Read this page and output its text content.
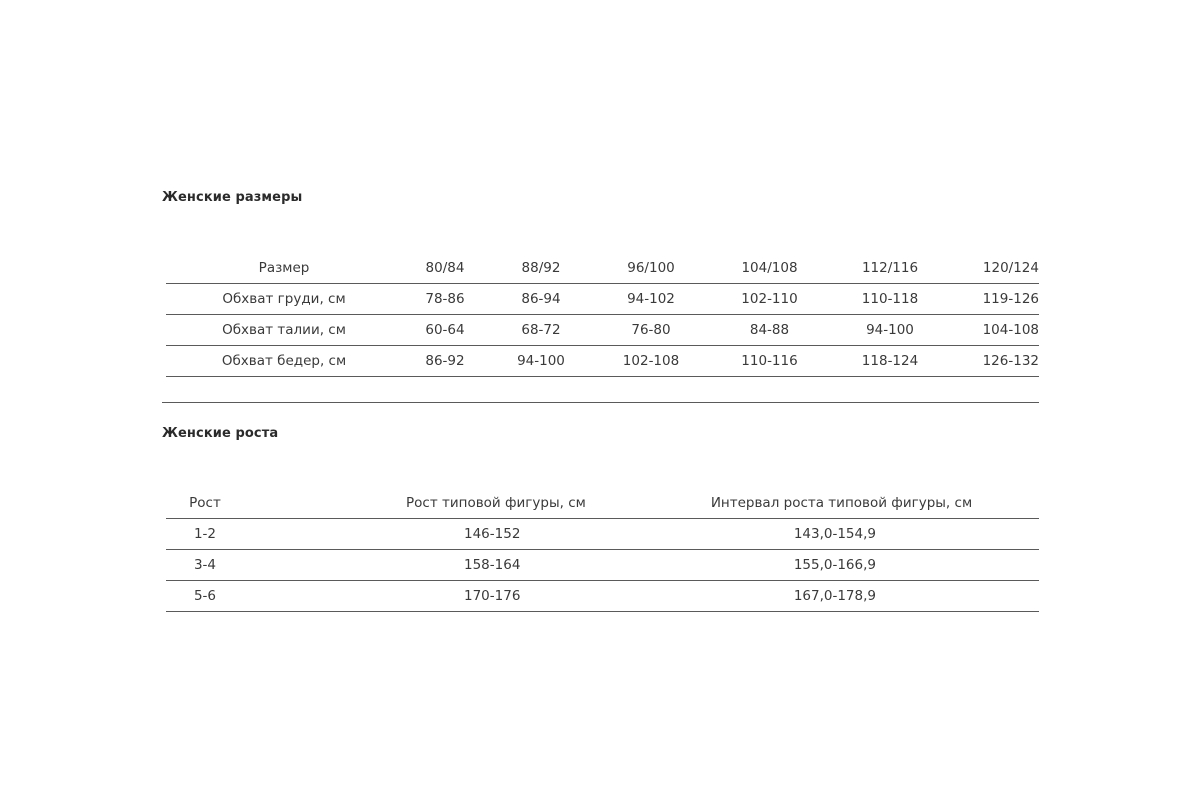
Женские размеры
Размер	80/84	88/92	96/100	104/108	112/116	120/124
Обхват груди, см	78-86	86-94	94-102	102-110	110-118	119-126
Обхват талии, см	60-64	68-72	76-80	84-88	94-100	104-108
Обхват бедер, см	86-92	94-100	102-108	110-116	118-124	126-132
Женские роста
Рост	Рост типовой фигуры, см	Интервал роста типовой фигуры, см
1-2	146-152	143,0-154,9
3-4	158-164	155,0-166,9
5-6	170-176	167,0-178,9
